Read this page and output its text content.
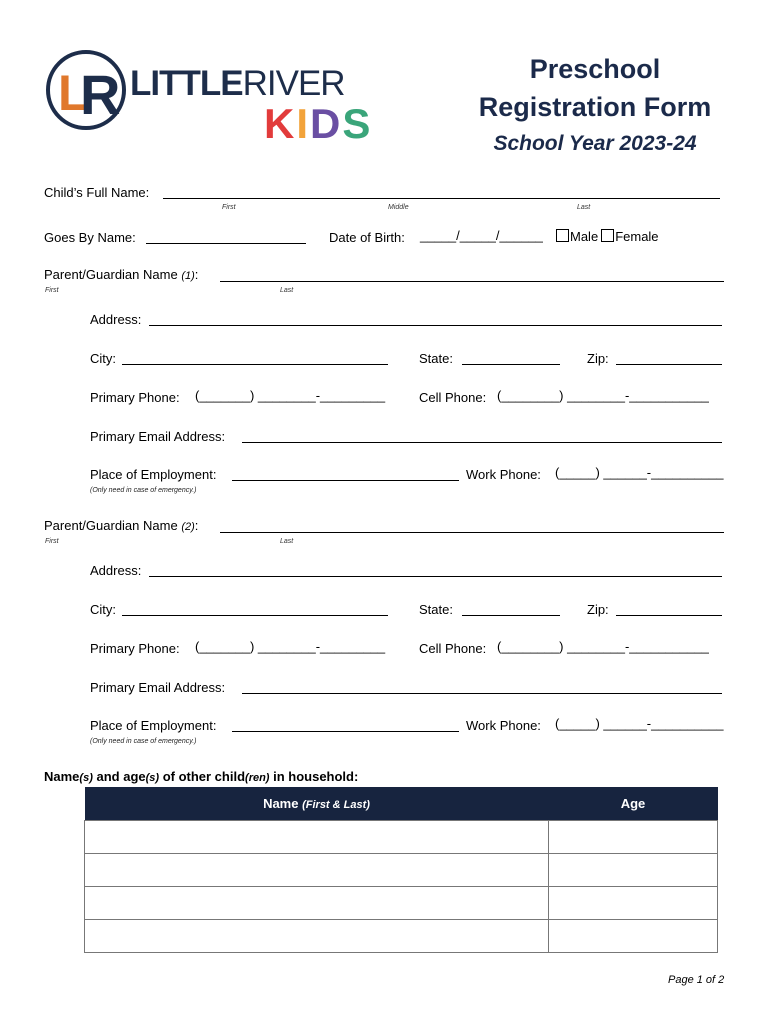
L
R LITTLERIVER
KIDS
Preschool
Registration Form
School Year 2023-24
Child’s Full Name:
First	Middle	Last
Goes By Name:	Date of Birth: _____/_____/______	Male Female
Parent/Guardian Name (1):
First	Last
Address:
City:	State:	Zip:
Primary Phone: (_______) ________-_________	Cell Phone: (________) ________-___________
Primary Email Address:
Place of Employment:	Work Phone: (_____) ______-__________
(Only need in case of emergency.)
Parent/Guardian Name (2):
First	Last
Address:
City:	State:	Zip:
Primary Phone: (_______) ________-_________	Cell Phone: (________) ________-___________
Primary Email Address:
Place of Employment:	Work Phone: (_____) ______-__________
(Only need in case of emergency.)
Name(s) and age(s) of other child(ren) in household:
Name (First & Last)	Age

Page 1 of 2
